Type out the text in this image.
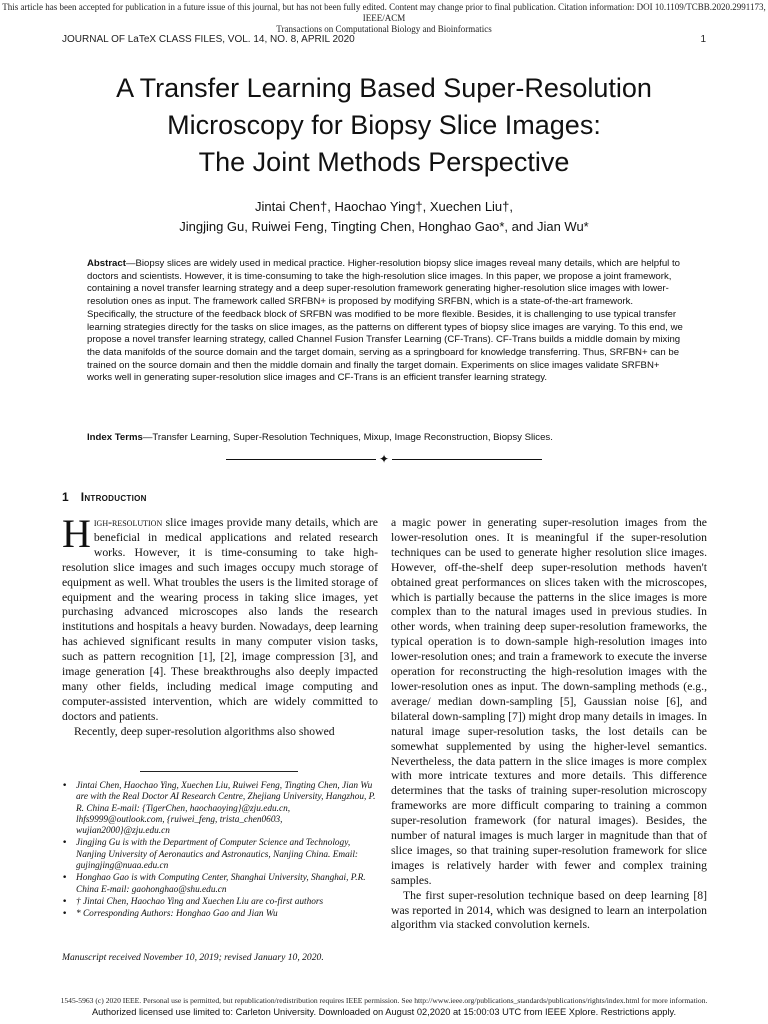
This article has been accepted for publication in a future issue of this journal, but has not been fully edited. Content may change prior to final publication. Citation information: DOI 10.1109/TCBB.2020.2991173, IEEE/ACM
Transactions on Computational Biology and Bioinformatics
JOURNAL OF LaTeX CLASS FILES, VOL. 14, NO. 8, APRIL 2020	1
A Transfer Learning Based Super-Resolution
Microscopy for Biopsy Slice Images:
The Joint Methods Perspective
Jintai Chen†, Haochao Ying†, Xuechen Liu†,
Jingjing Gu, Ruiwei Feng, Tingting Chen, Honghao Gao*, and Jian Wu*
Abstract—Biopsy slices are widely used in medical practice. Higher-resolution biopsy slice images reveal many details, which are helpful to doctors and scientists. However, it is time-consuming to take the high-resolution slice images. In this paper, we propose a joint framework, containing a novel transfer learning strategy and a deep super-resolution framework generating higher-resolution slice images with lower-resolution ones as input. The framework called SRFBN+ is proposed by modifying SRFBN, which is a state-of-the-art framework. Specifically, the structure of the feedback block of SRFBN was modified to be more flexible. Besides, it is challenging to use typical transfer learning strategies directly for the tasks on slice images, as the patterns on different types of biopsy slice images are varying. To this end, we propose a novel transfer learning strategy, called Channel Fusion Transfer Learning (CF-Trans). CF-Trans builds a middle domain by mixing the data manifolds of the source domain and the target domain, serving as a springboard for knowledge transferring. Thus, SRFBN+ can be trained on the source domain and then the middle domain and finally the target domain. Experiments on slice images validate SRFBN+ works well in generating super-resolution slice images and CF-Trans is an efficient transfer learning strategy.
Index Terms—Transfer Learning, Super-Resolution Techniques, Mixup, Image Reconstruction, Biopsy Slices.
✦
1 Introduction

High-resolution slice images provide many details, which are beneficial in medical applications and related research works. However, it is time-consuming to take high-resolution slice images and such images occupy much storage of equipment as well. What troubles the users is the limited storage of equipment and the wearing process in taking slice images, yet purchasing advanced microscopes also lands the research institutions and hospitals a heavy burden. Nowadays, deep learning has achieved significant results in many computer vision tasks, such as pattern recognition [1], [2], image compression [3], and image generation [4]. These breakthroughs also deeply impacted many other fields, including medical image computing and computer-assisted intervention, which are widely committed to doctors and patients.

Recently, deep super-resolution algorithms also showed

• Jintai Chen, Haochao Ying, Xuechen Liu, Ruiwei Feng, Tingting Chen, Jian Wu are with the Real Doctor AI Research Centre, Zhejiang University, Hangzhou, P. R. China E-mail: {TigerChen, haochaoying}@zju.edu.cn, lhfs9999@outlook.com, {ruiwei_feng, trista_chen0603, wujian2000}@zju.edu.cn
• Jingjing Gu is with the Department of Computer Science and Technology, Nanjing University of Aeronautics and Astronautics, Nanjing China. Email: gujingjing@nuaa.edu.cn
• Honghao Gao is with Computing Center, Shanghai University, Shanghai, P.R. China E-mail: gaohonghao@shu.edu.cn
• † Jintai Chen, Haochao Ying and Xuechen Liu are co-first authors
• * Corresponding Authors: Honghao Gao and Jian Wu
Manuscript received November 10, 2019; revised January 10, 2020.

a magic power in generating super-resolution images from the lower-resolution ones. It is meaningful if the super-resolution techniques can be used to generate higher resolution slice images. However, off-the-shelf deep super-resolution methods haven't obtained great performances on slices taken with the microscopes, which is partially because the patterns in the slice images is more complex than to the natural images used in previous studies. In other words, when training deep super-resolution frameworks, the typical operation is to down-sample high-resolution images into lower-resolution ones; and train a framework to execute the inverse operation for reconstructing the high-resolution images with the lower-resolution ones as input. The down-sampling methods (e.g., average/ median down-sampling [5], Gaussian noise [6], and bilateral down-sampling [7]) might drop many details in images. In natural image super-resolution tasks, the lost details can be somewhat supplemented by using the higher-level semantics. Nevertheless, the data pattern in the slice images is more complex with more intricate textures and more details. This difference determines that the tasks of training super-resolution microscopy frameworks are more difficult comparing to training a common super-resolution framework (for natural images). Besides, the number of natural images is much larger in magnitude than that of slice images, so that training super-resolution framework for slice images is relatively harder with fewer and complex training samples.

The first super-resolution technique based on deep learning [8] was reported in 2014, which was designed to learn an interpolation algorithm via stacked convolution kernels.

1545-5963 (c) 2020 IEEE. Personal use is permitted, but republication/redistribution requires IEEE permission. See http://www.ieee.org/publications_standards/publications/rights/index.html for more information.
Authorized licensed use limited to: Carleton University. Downloaded on August 02,2020 at 15:00:03 UTC from IEEE Xplore. Restrictions apply.
